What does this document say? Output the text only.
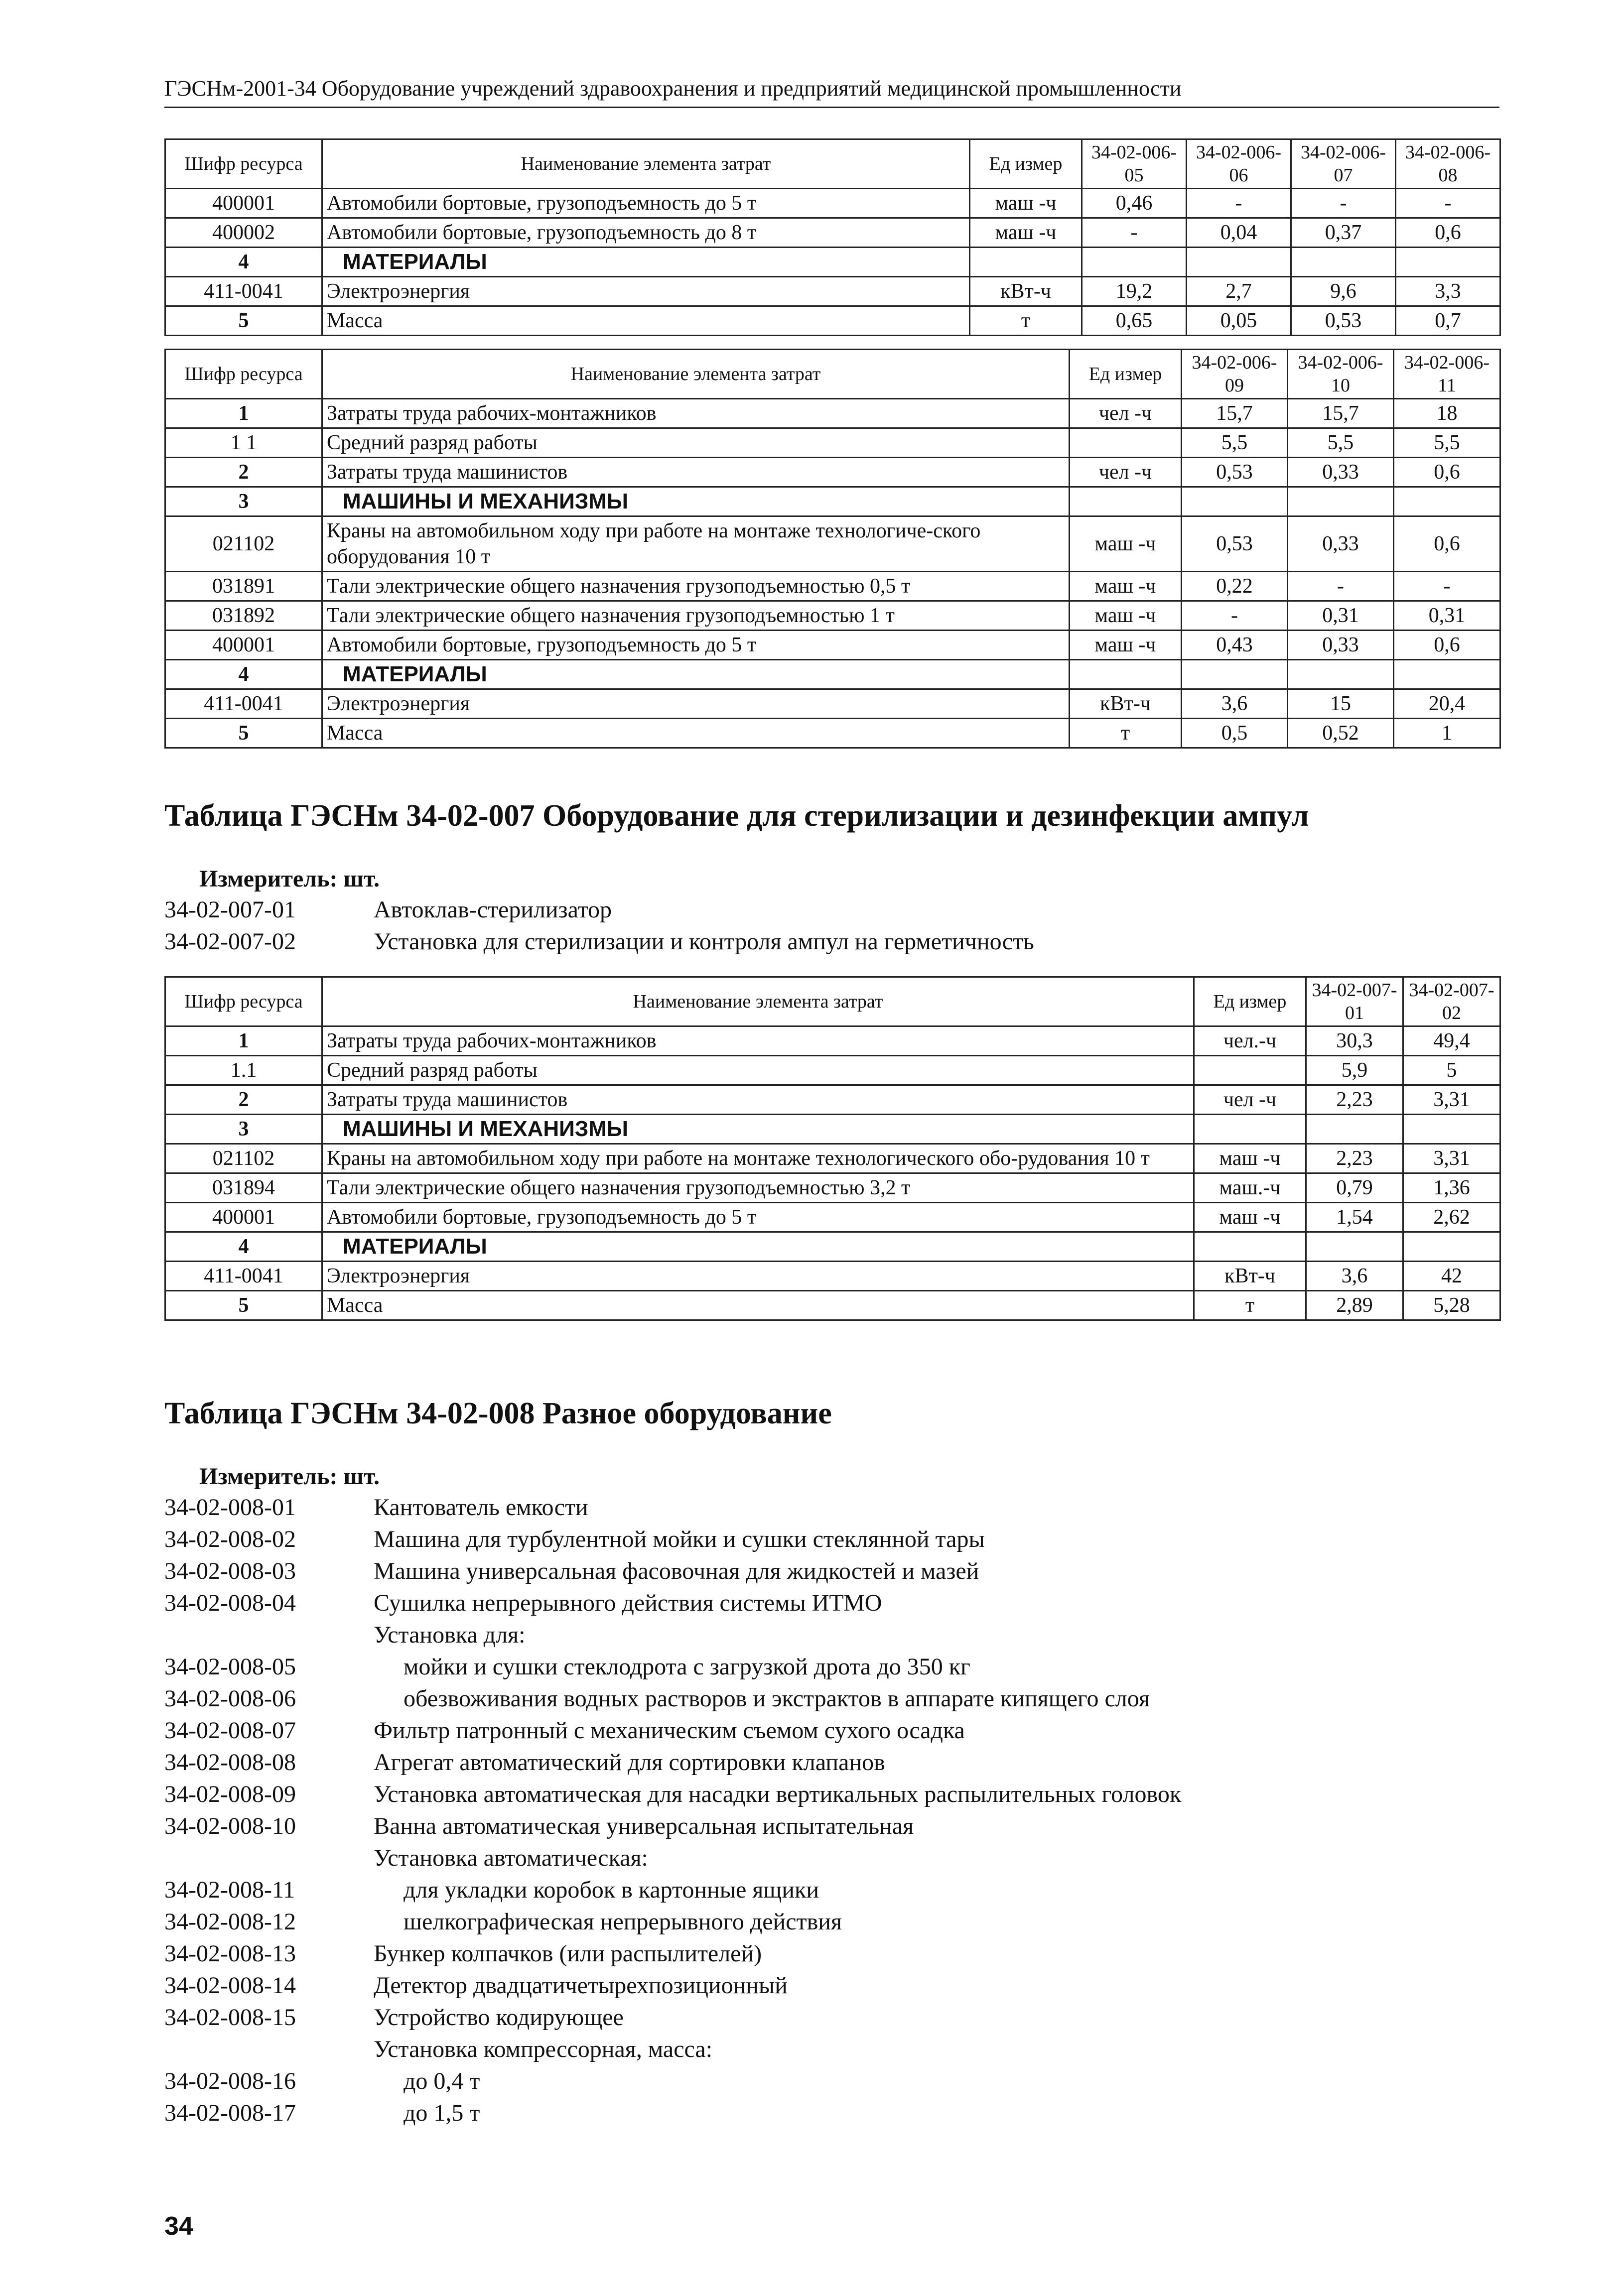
ГЭСНм-2001-34 Оборудование учреждений здравоохранения и предприятий медицинской промышленности
Шифр ресурса	Наименование элемента затрат	Ед измер	34-02-006-05	34-02-006-06	34-02-006-07	34-02-006-08
400001	Автомобили бортовые, грузоподъемность до 5 т	маш -ч	0,46	-	-	-
400002	Автомобили бортовые, грузоподъемность до 8 т	маш -ч	-	0,04	0,37	0,6
4	МАТЕРИАЛЫ					
411-0041	Электроэнергия	кВт-ч	19,2	2,7	9,6	3,3
5	Масса	т	0,65	0,05	0,53	0,7
Шифр ресурса	Наименование элемента затрат	Ед измер	34-02-006-09	34-02-006-10	34-02-006-11
1	Затраты труда рабочих-монтажников	чел -ч	15,7	15,7	18
1 1	Средний разряд работы		5,5	5,5	5,5
2	Затраты труда машинистов	чел -ч	0,53	0,33	0,6
3	МАШИНЫ И МЕХАНИЗМЫ				
021102	Краны на автомобильном ходу при работе на монтаже технологиче-ского оборудования 10 т	маш -ч	0,53	0,33	0,6
031891	Тали электрические общего назначения грузоподъемностью 0,5 т	маш -ч	0,22	-	-
031892	Тали электрические общего назначения грузоподъемностью 1 т	маш -ч	-	0,31	0,31
400001	Автомобили бортовые, грузоподъемность до 5 т	маш -ч	0,43	0,33	0,6
4	МАТЕРИАЛЫ				
411-0041	Электроэнергия	кВт-ч	3,6	15	20,4
5	Масса	т	0,5	0,52	1
Таблица ГЭСНм 34-02-007 Оборудование для стерилизации и дезинфекции ампул
Измеритель: шт.
34-02-007-01	Автоклав-стерилизатор
34-02-007-02	Установка для стерилизации и контроля ампул на герметичность
Шифр ресурса	Наименование элемента затрат	Ед измер	34-02-007-01	34-02-007-02
1	Затраты труда рабочих-монтажников	чел.-ч	30,3	49,4
1.1	Средний разряд работы		5,9	5
2	Затраты труда машинистов	чел -ч	2,23	3,31
3	МАШИНЫ И МЕХАНИЗМЫ			
021102	Краны на автомобильном ходу при работе на монтаже технологического обо-рудования 10 т	маш -ч	2,23	3,31
031894	Тали электрические общего назначения грузоподъемностью 3,2 т	маш.-ч	0,79	1,36
400001	Автомобили бортовые, грузоподъемность до 5 т	маш -ч	1,54	2,62
4	МАТЕРИАЛЫ			
411-0041	Электроэнергия	кВт-ч	3,6	42
5	Масса	т	2,89	5,28
Таблица ГЭСНм 34-02-008 Разное оборудование
Измеритель: шт.
34-02-008-01	Кантователь емкости
34-02-008-02	Машина для турбулентной мойки и сушки стеклянной тары
34-02-008-03	Машина универсальная фасовочная для жидкостей и мазей
34-02-008-04	Сушилка непрерывного действия системы ИТМО
Установка для:
34-02-008-05	мойки и сушки стеклодрота с загрузкой дрота до 350 кг
34-02-008-06	обезвоживания водных растворов и экстрактов в аппарате кипящего слоя
34-02-008-07	Фильтр патронный с механическим съемом сухого осадка
34-02-008-08	Агрегат автоматический для сортировки клапанов
34-02-008-09	Установка автоматическая для насадки вертикальных распылительных головок
34-02-008-10	Ванна автоматическая универсальная испытательная
Установка автоматическая:
34-02-008-11	для укладки коробок в картонные ящики
34-02-008-12	шелкографическая непрерывного действия
34-02-008-13	Бункер колпачков (или распылителей)
34-02-008-14	Детектор двадцатичетырехпозиционный
34-02-008-15	Устройство кодирующее
Установка компрессорная, масса:
34-02-008-16	до 0,4 т
34-02-008-17	до 1,5 т
34
